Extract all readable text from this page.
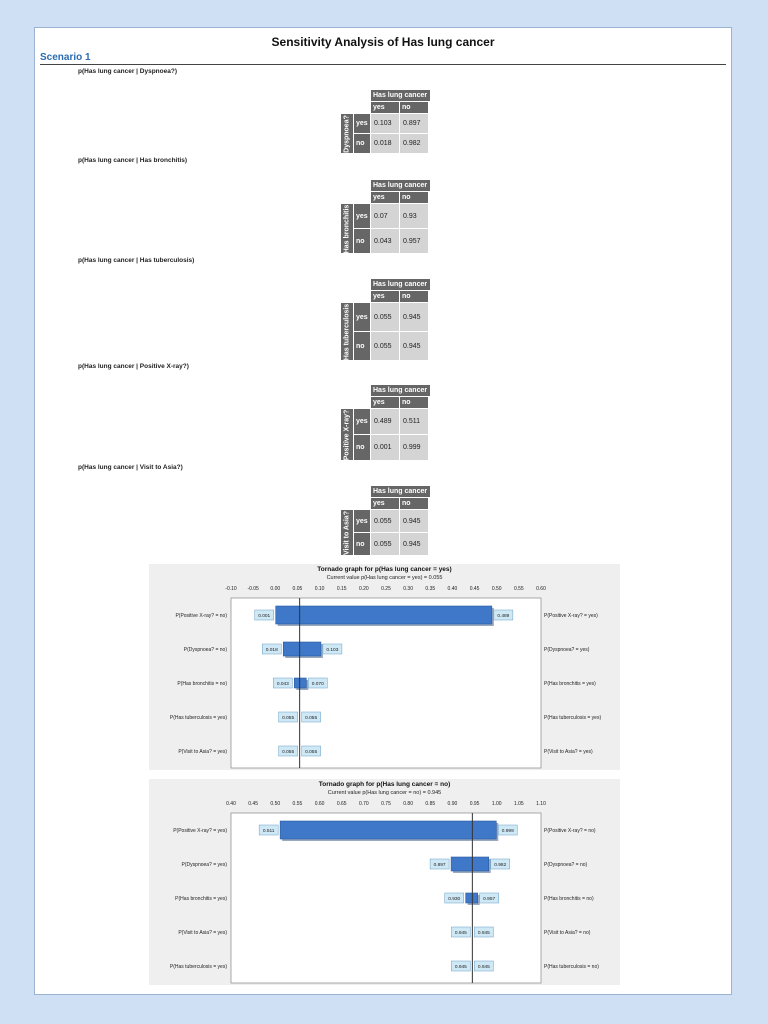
Sensitivity Analysis of Has lung cancer
Scenario 1
p(Has lung cancer | Dyspnoea?)
Has lung cancer
yes	no
Dyspnoea? yes 0.103	0.897
no	0.018	0.982
p(Has lung cancer | Has bronchitis)
Has lung cancer
yes	no
Has bronchitis yes 0.07	0.93
no	0.043	0.957
p(Has lung cancer | Has tuberculosis)
Has lung cancer
yes	no
Has tuberculosis yes 0.055	0.945
no	0.055	0.945
p(Has lung cancer | Positive X-ray?)
Has lung cancer
yes	no
Positive X-ray? yes 0.489	0.511
no	0.001	0.999
p(Has lung cancer | Visit to Asia?)
Has lung cancer
yes	no
Visit to Asia? yes 0.055	0.945
no	0.055	0.945
Tornado graph for p(Has lung cancer = yes)
Current value p(Has lung cancer = yes) = 0.055
-0.10 -0.05 0.00 0.05 0.10 0.15 0.20 0.25 0.30 0.35 0.40 0.45 0.50 0.55 0.60
P(Positive X-ray? = no)	P(Positive X-ray? = yes)
0.001	0.489
P(Dyspnoea? = no)	P(Dyspnoea? = yes)
0.018	0.103
P(Has bronchitis = no)	P(Has bronchitis = yes)
0.043	0.070
P(Has tuberculosis = yes)	P(Has tuberculosis = yes)
0.055 0.055
P(Visit to Asia? = yes)	P(Visit to Asia? = yes)
0.055 0.055
Tornado graph for p(Has lung cancer = no)
Current value p(Has lung cancer = no) = 0.945
0.40 0.45 0.50 0.55 0.60 0.65 0.70 0.75 0.80 0.85 0.90 0.95 1.00 1.05 1.10
P(Positive X-ray? = yes)	P(Positive X-ray? = no)
0.511	0.999
P(Dyspnoea? = yes)	P(Dyspnoea? = no)
0.897	0.982
P(Has bronchitis = yes)	P(Has bronchitis = no)
0.930	0.957
P(Visit to Asia? = yes)	P(Visit to Asia? = no)
0.945 0.945
P(Has tuberculosis = yes)	P(Has tuberculosis = no)
0.945 0.945
